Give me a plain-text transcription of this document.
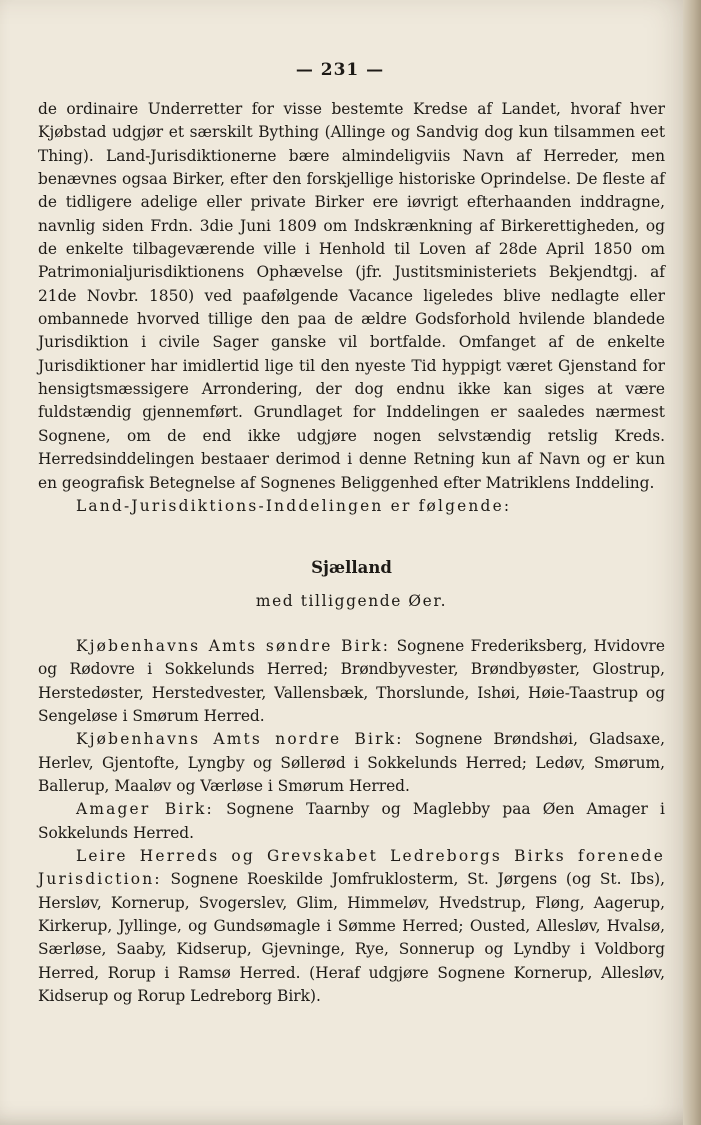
— 231 —

de ordinaire Underretter for visse bestemte Kredse af Landet, hvoraf hver Kjøbstad udgjør et særskilt Bything (Allinge og Sandvig dog kun tilsammen eet Thing). Land-Jurisdiktionerne bære almindeligviis Navn af Herreder, men benævnes ogsaa Birker, efter den forskjellige historiske Oprindelse. De fleste af de tidligere adelige eller private Birker ere iøvrigt efterhaanden inddragne, navnlig siden Frdn. 3die Juni 1809 om Indskrænkning af Birkerettigheden, og de enkelte tilbageværende ville i Henhold til Loven af 28de April 1850 om Patrimonialjurisdiktionens Ophævelse (jfr. Justitsministeriets Bekjendtgj. af 21de Novbr. 1850) ved paafølgende Vacance ligeledes blive nedlagte eller ombannede hvorved tillige den paa de ældre Godsforhold hvilende blandede Jurisdiktion i civile Sager ganske vil bortfalde. Omfanget af de enkelte Jurisdiktioner har imidlertid lige til den nyeste Tid hyppigt været Gjenstand for hensigtsmæssigere Arrondering, der dog endnu ikke kan siges at være fuldstændig gjennemført. Grundlaget for Inddelingen er saaledes nærmest Sognene, om de end ikke udgjøre nogen selvstændig retslig Kreds. Herredsinddelingen bestaaer derimod i denne Retning kun af Navn og er kun en geografisk Betegnelse af Sognenes Beliggenhed efter Matriklens Inddeling.

Land-Jurisdiktions-Inddelingen er følgende:

Sjælland
med tilliggende Øer.

Kjøbenhavns Amts søndre Birk: Sognene Frederiksberg, Hvidovre og Rødovre i Sokkelunds Herred; Brøndbyvester, Brøndbyøster, Glostrup, Herstedøster, Herstedvester, Vallensbæk, Thorslunde, Ishøi, Høie-Taastrup og Sengeløse i Smørum Herred.

Kjøbenhavns Amts nordre Birk: Sognene Brøndshøi, Gladsaxe, Herlev, Gjentofte, Lyngby og Søllerød i Sokkelunds Herred; Ledøv, Smørum, Ballerup, Maaløv og Værløse i Smørum Herred.

Amager Birk: Sognene Taarnby og Maglebby paa Øen Amager i Sokkelunds Herred.

Leire Herreds og Grevskabet Ledreborgs Birks forenede Jurisdiction: Sognene Roeskilde Jomfruklosterm, St. Jørgens (og St. Ibs), Hersløv, Kornerup, Svogerslev, Glim, Himmeløv, Hvedstrup, Fløng, Aagerup, Kirkerup, Jyllinge, og Gundsømagle i Sømme Herred; Ousted, Allesløv, Hvalsø, Særløse, Saaby, Kidserup, Gjevninge, Rye, Sonnerup og Lyndby i Voldborg Herred, Rorup i Ramsø Herred. (Heraf udgjøre Sognene Kornerup, Allesløv, Kidserup og Rorup Ledreborg Birk).
